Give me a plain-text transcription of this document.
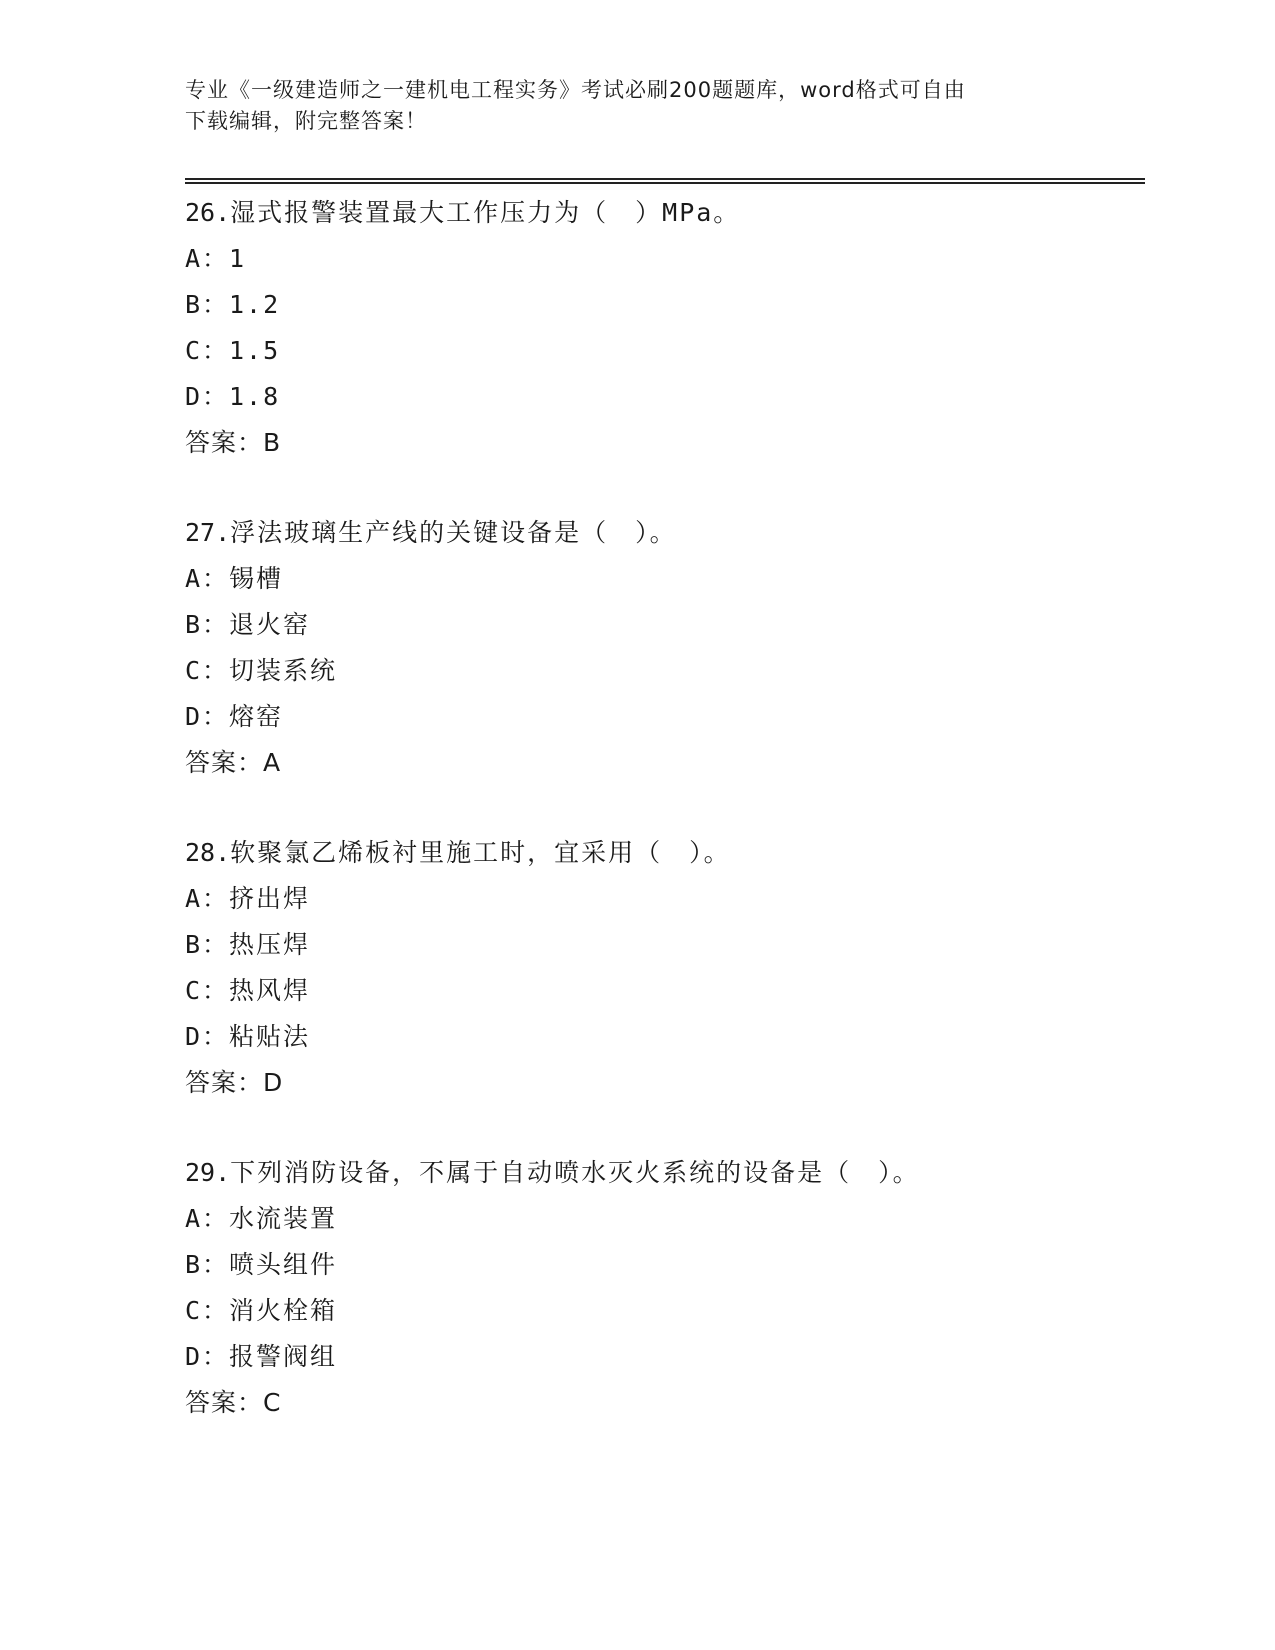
专业《一级建造师之一建机电工程实务》考试必刷200题题库，word格式可自由
下载编辑，附完整答案！
26.湿式报警装置最大工作压力为（　）MPa。
A：1
B：1.2
C：1.5
D：1.8
答案：B
27.浮法玻璃生产线的关键设备是（　）。
A：锡槽
B：退火窑
C：切装系统
D：熔窑
答案：A
28.软聚氯乙烯板衬里施工时，宜采用（　）。
A：挤出焊
B：热压焊
C：热风焊
D：粘贴法
答案：D
29.下列消防设备，不属于自动喷水灭火系统的设备是（　）。
A：水流装置
B：喷头组件
C：消火栓箱
D：报警阀组
答案：C
